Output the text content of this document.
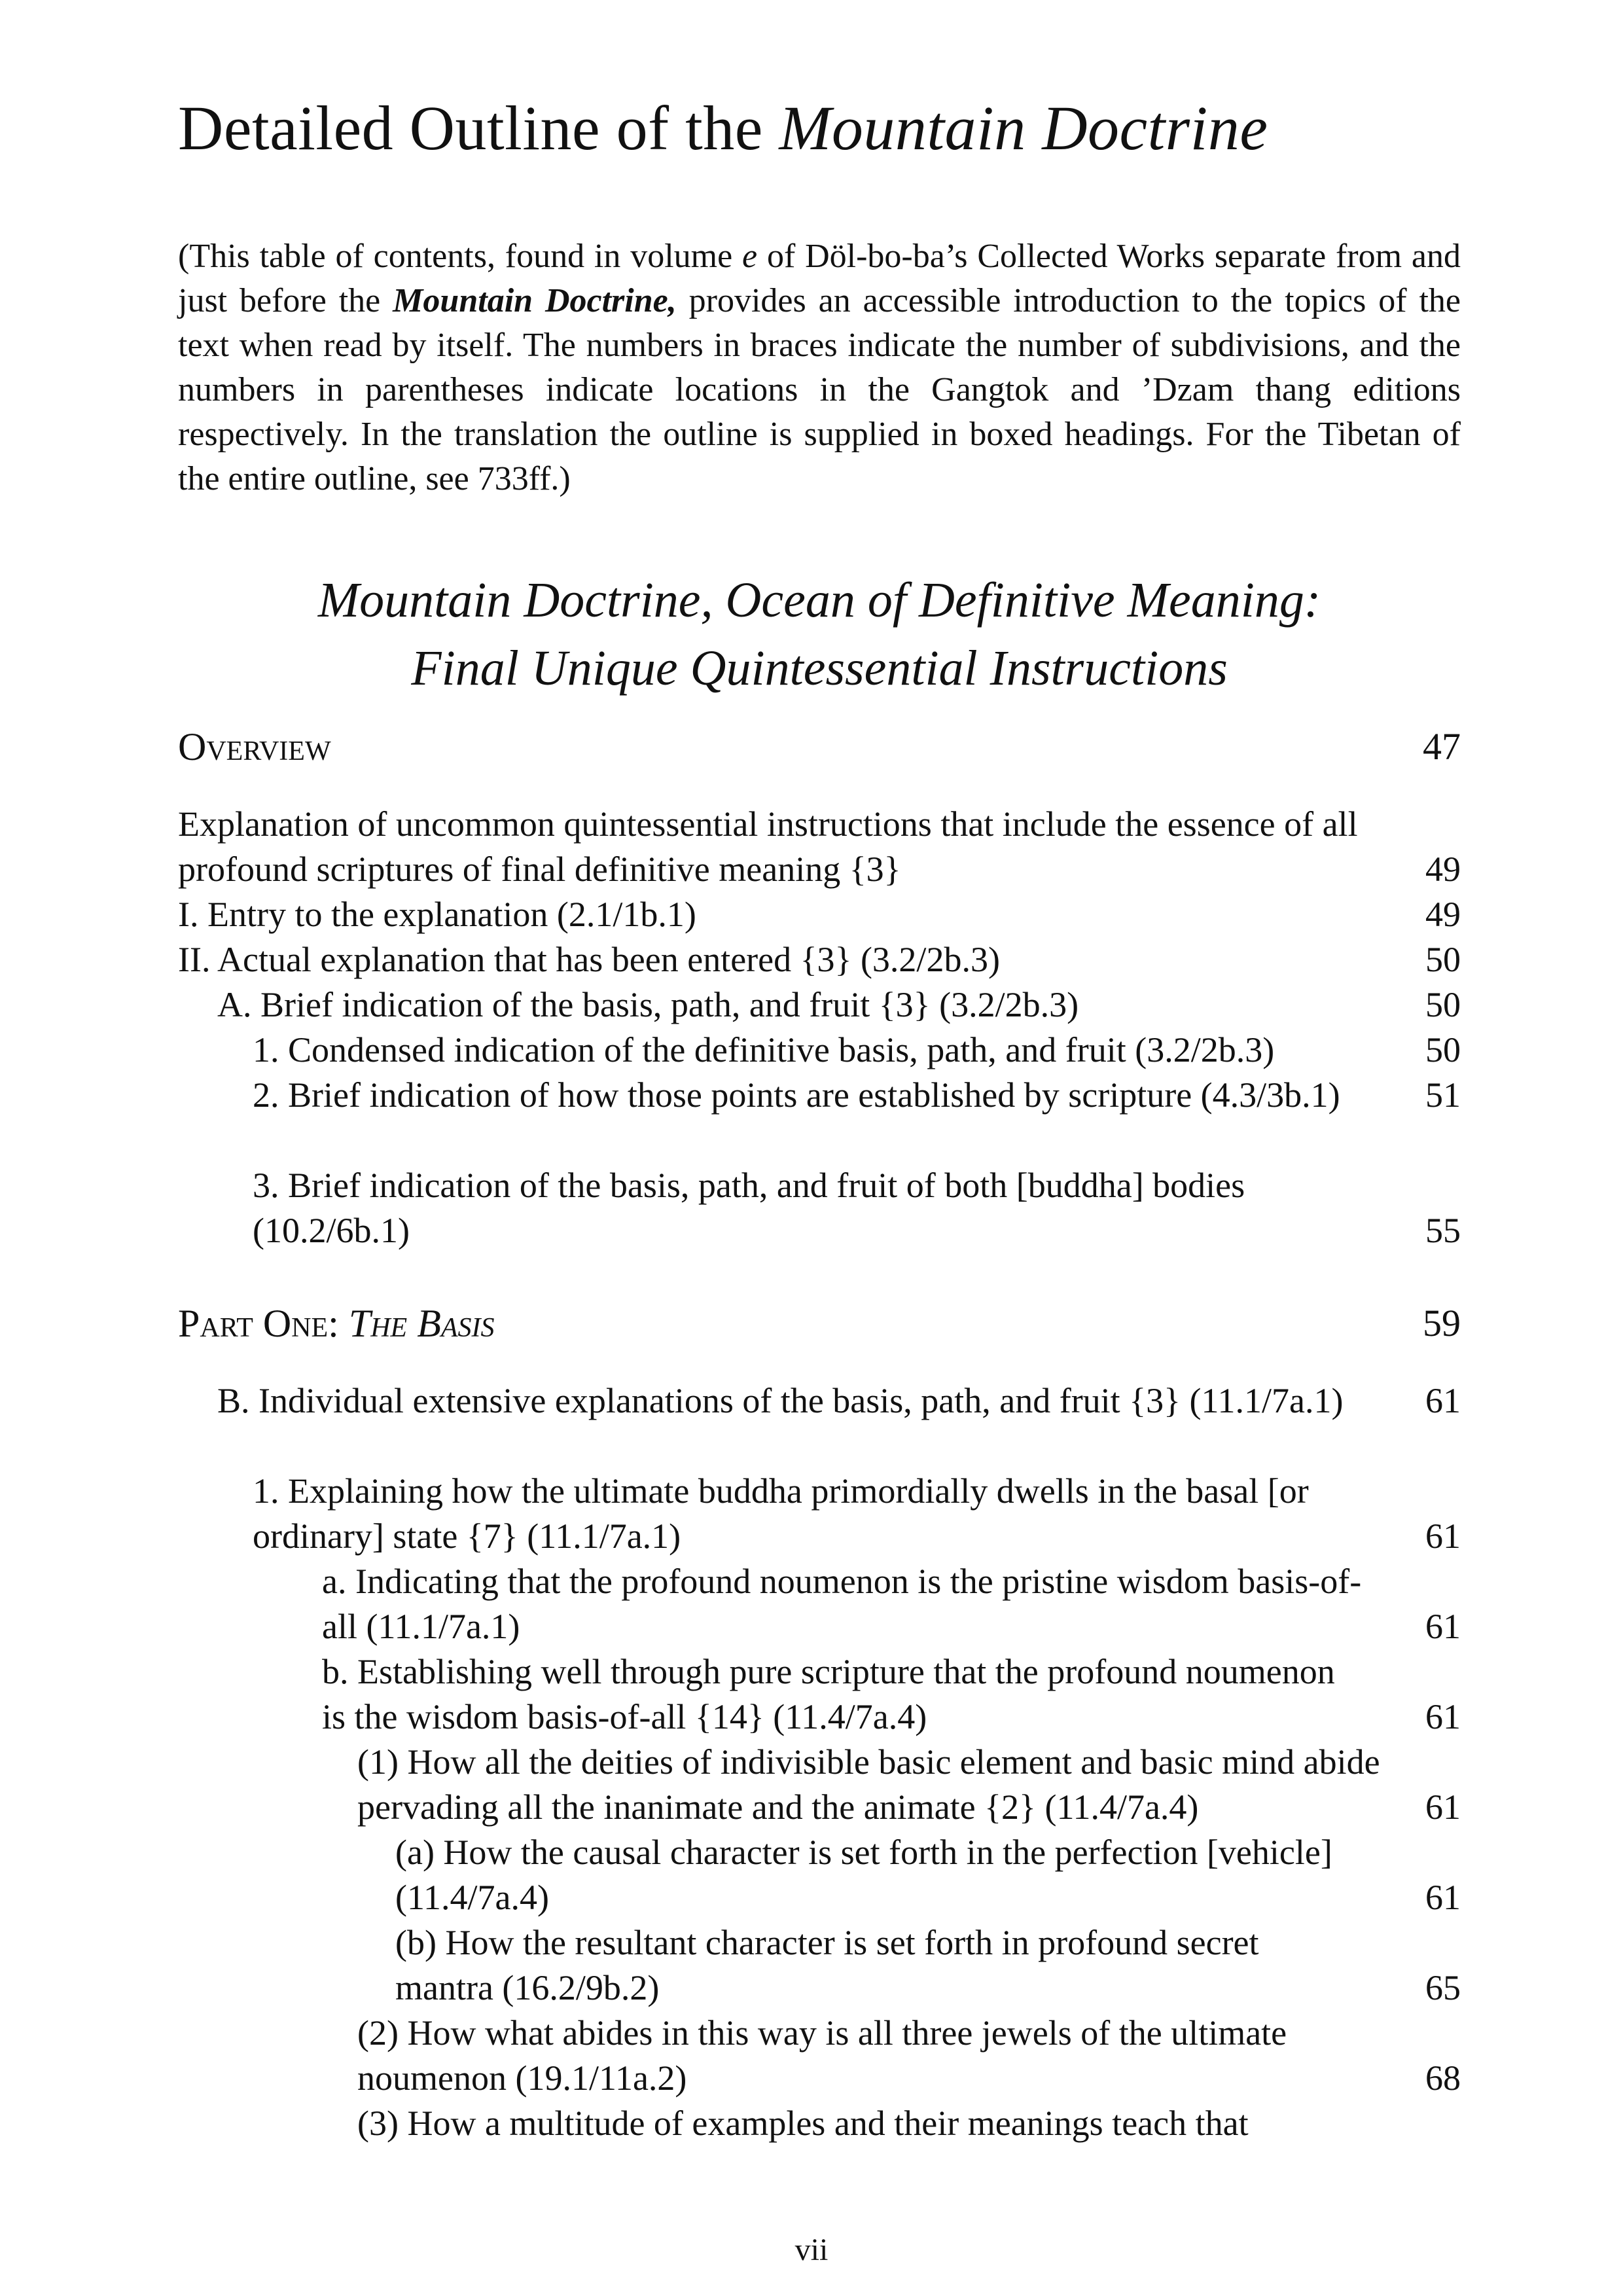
Detailed Outline of the Mountain Doctrine

(This table of contents, found in volume e of Döl-bo-ba’s Collected Works separate from and just before the Mountain Doctrine, provides an accessible introduction to the topics of the text when read by itself. The numbers in braces indicate the number of subdivisions, and the numbers in parentheses indicate locations in the Gangtok and ’Dzam thang editions respectively. In the translation the outline is supplied in boxed headings. For the Tibetan of the entire outline, see 733ff.)

Mountain Doctrine, Ocean of Definitive Meaning:
Final Unique Quintessential Instructions
Overview	47
Explanation of uncommon quintessential instructions that include the essence of all profound scriptures of final definitive meaning {3}	49
I. Entry to the explanation (2.1/1b.1)	49
II. Actual explanation that has been entered {3} (3.2/2b.3)	50
A. Brief indication of the basis, path, and fruit {3} (3.2/2b.3)	50
1. Condensed indication of the definitive basis, path, and fruit (3.2/2b.3)	50
2. Brief indication of how those points are established by scripture (4.3/3b.1)	51
3. Brief indication of the basis, path, and fruit of both [buddha] bodies (10.2/6b.1)	55
Part One: The Basis	59
B. Individual extensive explanations of the basis, path, and fruit {3} (11.1/7a.1)	61
1. Explaining how the ultimate buddha primordially dwells in the basal [or ordinary] state {7} (11.1/7a.1)	61
a. Indicating that the profound noumenon is the pristine wisdom basis-of-all (11.1/7a.1)	61
b. Establishing well through pure scripture that the profound noumenon is the wisdom basis-of-all {14} (11.4/7a.4)	61
(1) How all the deities of indivisible basic element and basic mind abide pervading all the inanimate and the animate {2} (11.4/7a.4)	61
(a) How the causal character is set forth in the perfection [vehicle] (11.4/7a.4)	61
(b) How the resultant character is set forth in profound secret mantra (16.2/9b.2)	65
(2) How what abides in this way is all three jewels of the ultimate noumenon (19.1/11a.2)	68
(3) How a multitude of examples and their meanings teach that
vii
